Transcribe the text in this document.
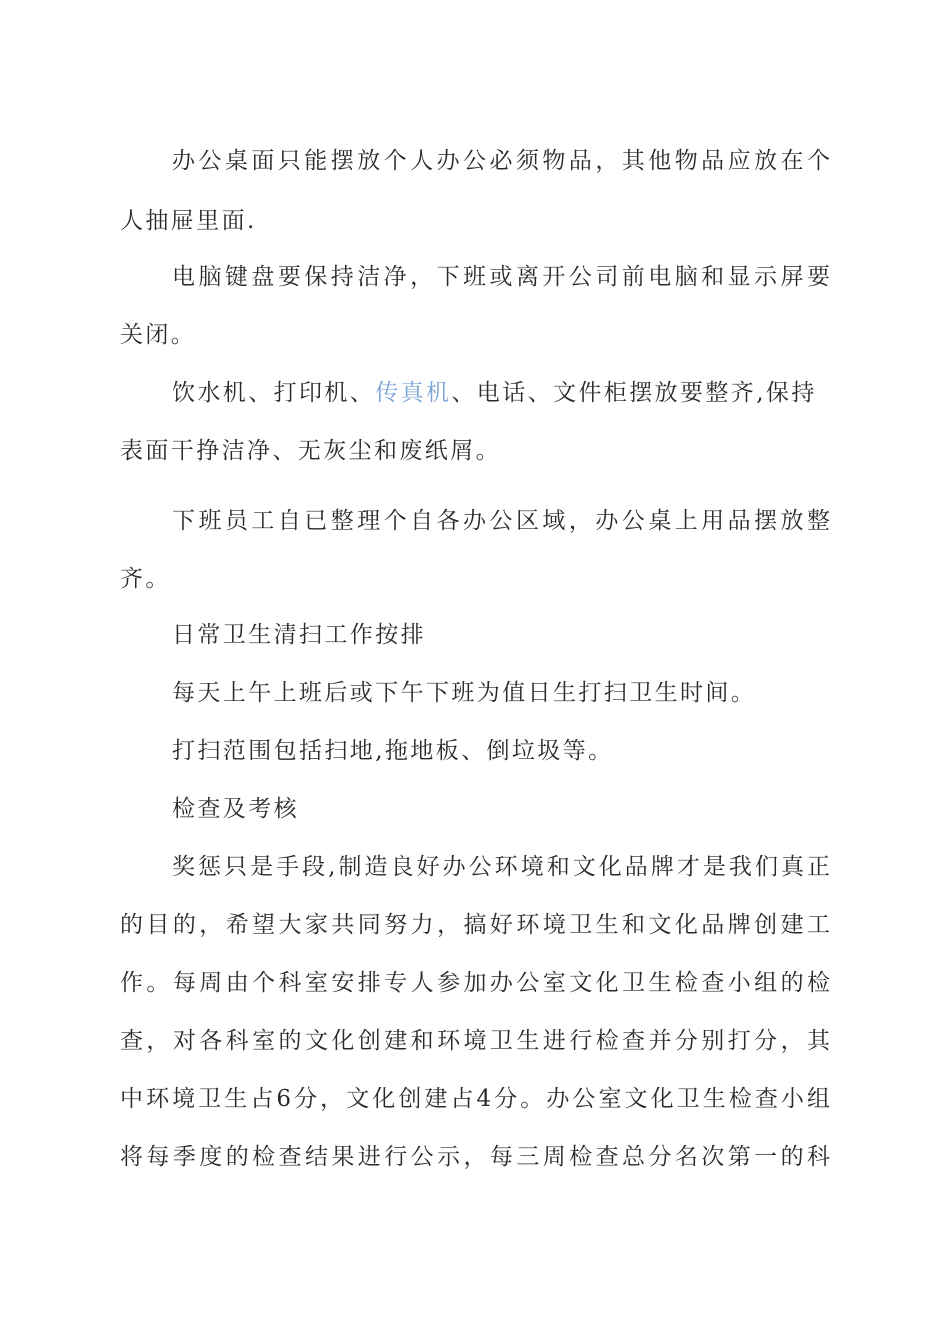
办公桌面只能摆放个人办公必须物品，其他物品应放在个
人抽屉里面.
电脑键盘要保持洁净，下班或离开公司前电脑和显示屏要
关闭。
饮水机、打印机、传真机、电话、文件柜摆放要整齐,保持
表面干挣洁净、无灰尘和废纸屑。
下班员工自已整理个自各办公区域，办公桌上用品摆放整
齐。
日常卫生清扫工作按排
每天上午上班后或下午下班为值日生打扫卫生时间。
打扫范围包括扫地,拖地板、倒垃圾等。
检查及考核
奖惩只是手段,制造良好办公环境和文化品牌才是我们真正
的目的，希望大家共同努力，搞好环境卫生和文化品牌创建工
作。每周由个科室安排专人参加办公室文化卫生检查小组的检
查，对各科室的文化创建和环境卫生进行检查并分别打分，其
中环境卫生占6分，文化创建占4分。办公室文化卫生检查小组
将每季度的检查结果进行公示，每三周检查总分名次第一的科
